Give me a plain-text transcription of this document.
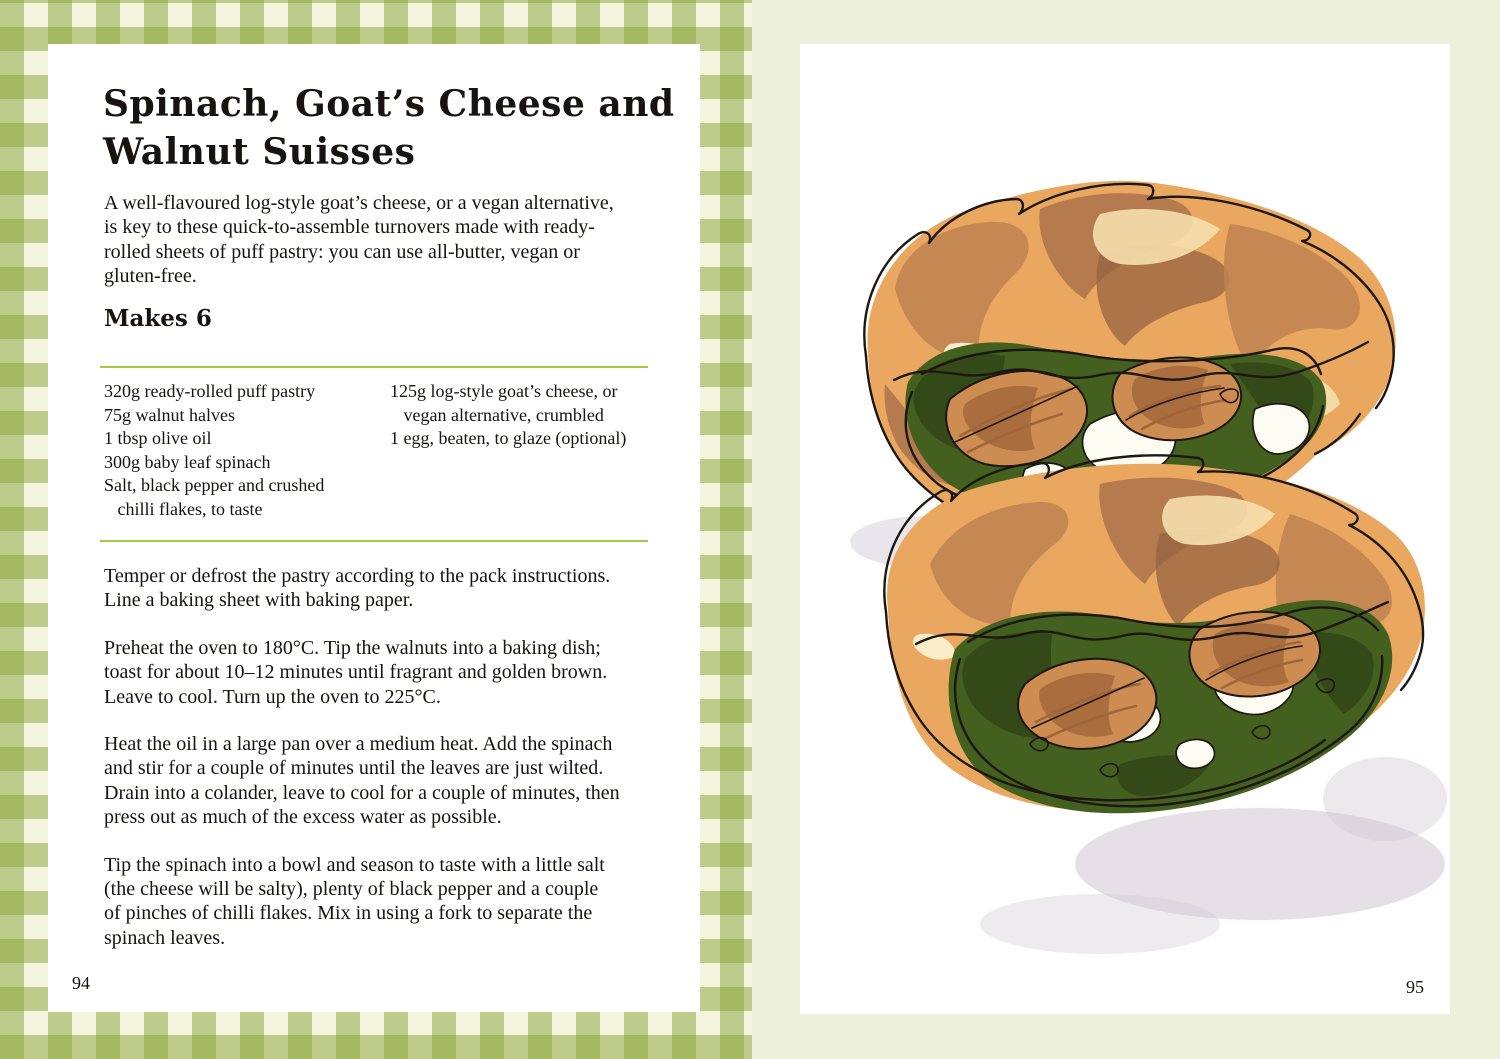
Spinach, Goat’s Cheese and
Walnut Suisses
A well-flavoured log-style goat’s cheese, or a vegan alternative,
is key to these quick-to-assemble turnovers made with ready-
rolled sheets of puff pastry: you can use all-butter, vegan or
gluten-free.
Makes 6
320g ready-rolled puff pastry
75g walnut halves
1 tbsp olive oil
300g baby leaf spinach
Salt, black pepper and crushed
chilli flakes, to taste
125g log-style goat’s cheese, or
vegan alternative, crumbled
1 egg, beaten, to glaze (optional)

Temper or defrost the pastry according to the pack instructions.
Line a baking sheet with baking paper.

Preheat the oven to 180°C. Tip the walnuts into a baking dish;
toast for about 10–12 minutes until fragrant and golden brown.
Leave to cool. Turn up the oven to 225°C.

Heat the oil in a large pan over a medium heat. Add the spinach
and stir for a couple of minutes until the leaves are just wilted.
Drain into a colander, leave to cool for a couple of minutes, then
press out as much of the excess water as possible.

Tip the spinach into a bowl and season to taste with a little salt
(the cheese will be salty), plenty of black pepper and a couple
of pinches of chilli flakes. Mix in using a fork to separate the
spinach leaves.

94	95
